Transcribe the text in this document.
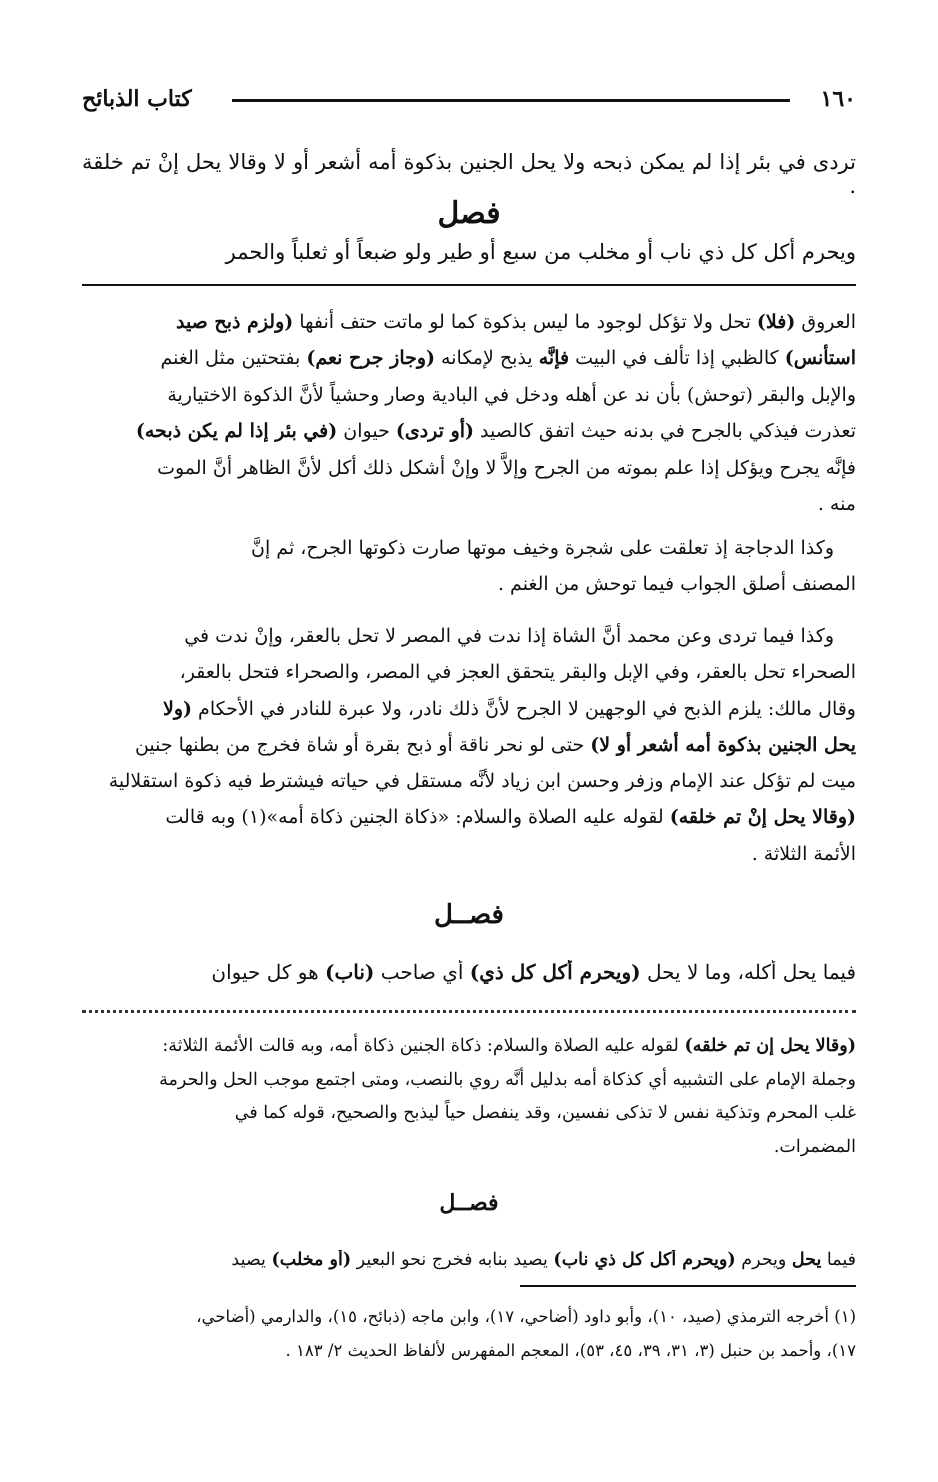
١٦٠
كتاب الذبائح

تردى في بئر إذا لم يمكن ذبحه ولا يحل الجنين بذكوة أمه أشعر أو لا وقالا يحل إنْ تم خلقة .

فصل

ويحرم أكل كل ذي ناب أو مخلب من سبع أو طير ولو ضبعاً أو ثعلباً والحمر

العروق (فلا) تحل ولا تؤكل لوجود ما ليس بذكوة كما لو ماتت حتف أنفها (ولزم ذبح صيد
استأنس) كالظبي إذا تألف في البيت فإنَّه يذبح لإمكانه (وجاز جرح نعم) بفتحتين مثل الغنم
والإبل والبقر (توحش) بأن ند عن أهله ودخل في البادية وصار وحشياً لأنَّ الذكوة الاختيارية
تعذرت فيذكي بالجرح في بدنه حيث اتفق كالصيد (أو تردى) حيوان (في بئر إذا لم يكن ذبحه)
فإنَّه يجرح ويؤكل إذا علم بموته من الجرح وإلاَّ لا وإنْ أشكل ذلك أكل لأنَّ الظاهر أنَّ الموت
منه .

وكذا الدجاجة إذ تعلقت على شجرة وخيف موتها صارت ذكوتها الجرح، ثم إنَّ
المصنف أصلق الجواب فيما توحش من الغنم .

وكذا فيما تردى وعن محمد أنَّ الشاة إذا ندت في المصر لا تحل بالعقر، وإنْ ندت في
الصحراء تحل بالعقر، وفي الإبل والبقر يتحقق العجز في المصر، والصحراء فتحل بالعقر،
وقال مالك: يلزم الذبح في الوجهين لا الجرح لأنَّ ذلك نادر، ولا عبرة للنادر في الأحكام (ولا
يحل الجنين بذكوة أمه أشعر أو لا) حتى لو نحر ناقة أو ذبح بقرة أو شاة فخرج من بطنها جنين
ميت لم تؤكل عند الإمام وزفر وحسن ابن زياد لأنَّه مستقل في حياته فيشترط فيه ذكوة استقلالية
(وقالا يحل إنْ تم خلقه) لقوله عليه الصلاة والسلام: «ذكاة الجنين ذكاة أمه»(١) وبه قالت
الأئمة الثلاثة .

فصــل

فيما يحل أكله، وما لا يحل (ويحرم أكل كل ذي) أي صاحب (ناب) هو كل حيوان

(وقالا يحل إن تم خلقه) لقوله عليه الصلاة والسلام: ذكاة الجنين ذكاة أمه، وبه قالت الأئمة الثلاثة:
وجملة الإمام على التشبيه أي كذكاة أمه بدليل أنَّه روي بالنصب، ومتى اجتمع موجب الحل والحرمة
غلب المحرم وتذكية نفس لا تذكى نفسين، وقد ينفصل حياً ليذبح والصحيح، قوله كما في
المضمرات.

فصــل

فيما يحل ويحرم (ويحرم أكل كل ذي ناب) يصيد بنابه فخرج نحو البعير (أو مخلب) يصيد

(١) أخرجه الترمذي (صيد، ١٠)، وأبو داود (أضاحي، ١٧)، وابن ماجه (ذبائح، ١٥)، والدارمي (أضاحي،
١٧)، وأحمد بن حنبل (٣، ٣١، ٣٩، ٤٥، ٥٣)، المعجم المفهرس لألفاظ الحديث ٢/ ١٨٣ .
